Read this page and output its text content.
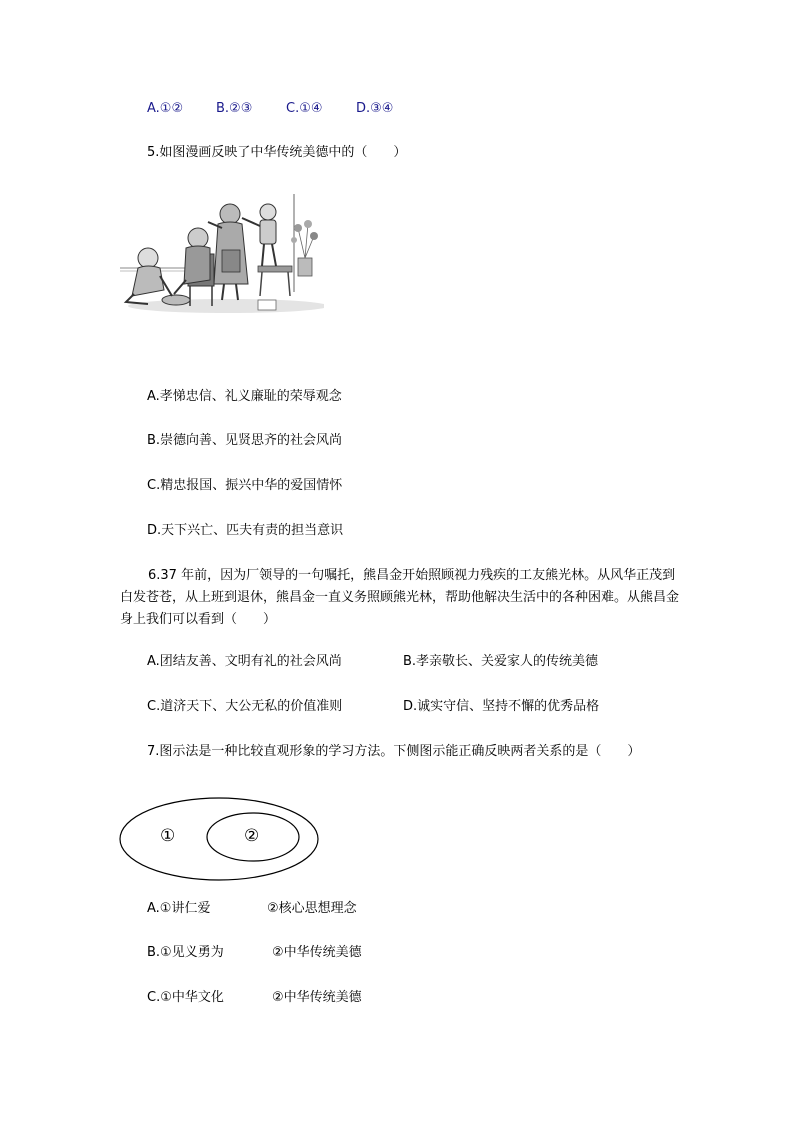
A.①②	B.②③	C.①④	D.③④
5.如图漫画反映了中华传统美德中的（　　）
A.孝悌忠信、礼义廉耻的荣辱观念
B.崇德向善、见贤思齐的社会风尚
C.精忠报国、振兴中华的爱国情怀
D.天下兴亡、匹夫有责的担当意识
6.37 年前，因为厂领导的一句嘱托，熊昌金开始照顾视力残疾的工友熊光林。从风华正茂到白发苍苍，从上班到退休，熊昌金一直义务照顾熊光林，帮助他解决生活中的各种困难。从熊昌金身上我们可以看到（　　）
A.团结友善、文明有礼的社会风尚	B.孝亲敬长、关爱家人的传统美德
C.道济天下、大公无私的价值准则	D.诚实守信、坚持不懈的优秀品格
7.图示法是一种比较直观形象的学习方法。下侧图示能正确反映两者关系的是（　　）
①	②
A.①讲仁爱	②核心思想理念
B.①见义勇为	②中华传统美德
C.①中华文化	②中华传统美德
